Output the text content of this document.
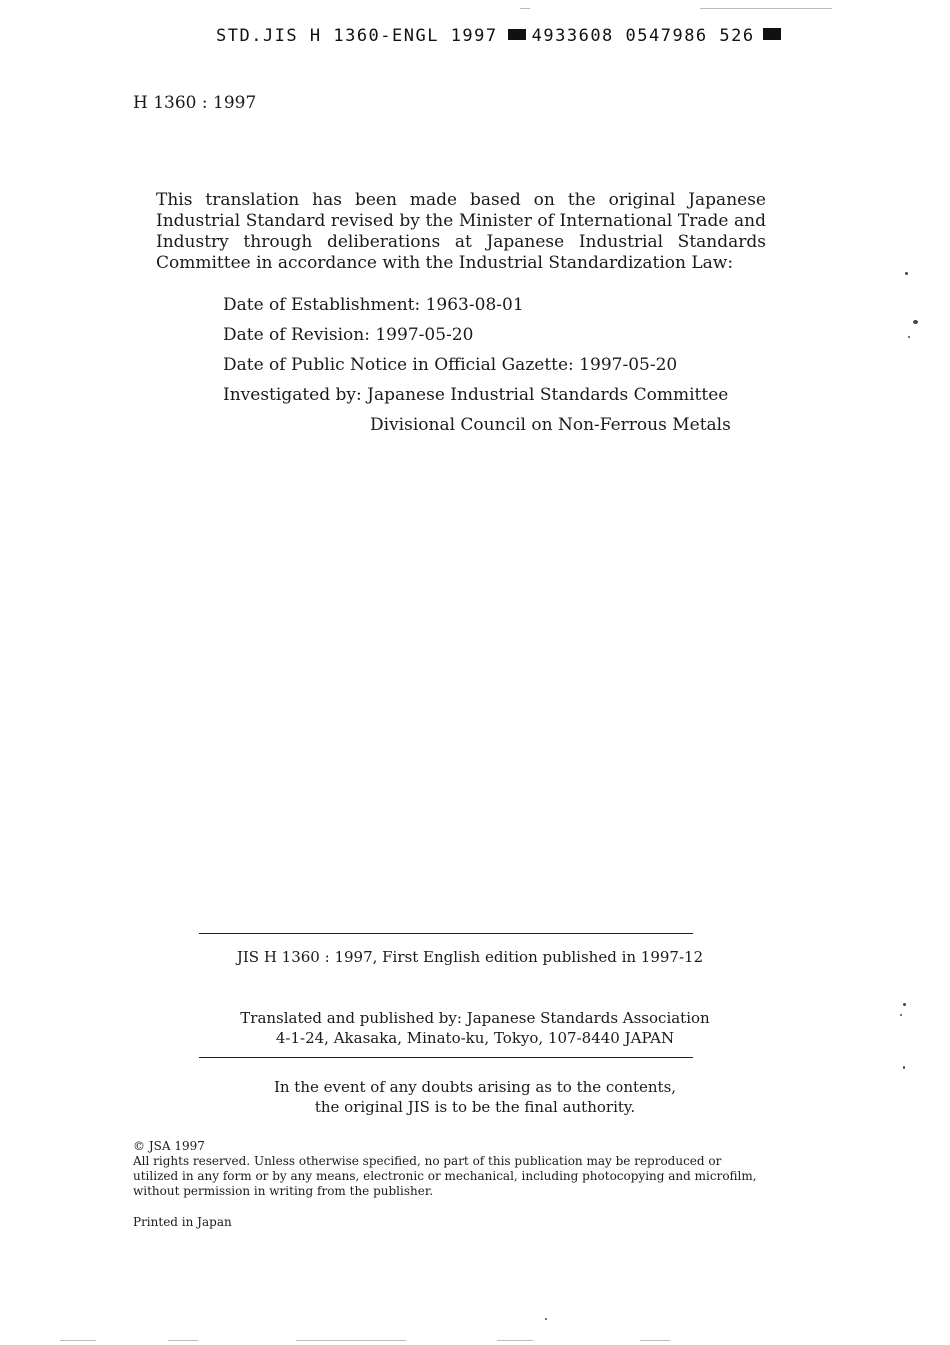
STD.JIS H 1360-ENGL 1997 4933608 0547986 526
H 1360 : 1997
This translation has been made based on the original Japanese Industrial Standard revised by the Minister of International Trade and Industry through deliberations at Japanese Industrial Standards Committee in accordance with the Industrial Standardization Law:
Date of Establishment: 1963-08-01
Date of Revision: 1997-05-20
Date of Public Notice in Official Gazette: 1997-05-20
Investigated by: Japanese Industrial Standards Committee
Divisional Council on Non-Ferrous Metals
JIS H 1360 : 1997, First English edition published in 1997-12
Translated and published by: Japanese Standards Association
4-1-24, Akasaka, Minato-ku, Tokyo, 107-8440 JAPAN
In the event of any doubts arising as to the contents,
the original JIS is to be the final authority.
© JSA 1997
All rights reserved. Unless otherwise specified, no part of this publication may be reproduced or
utilized in any form or by any means, electronic or mechanical, including photocopying and microfilm,
without permission in writing from the publisher.
Printed in Japan
